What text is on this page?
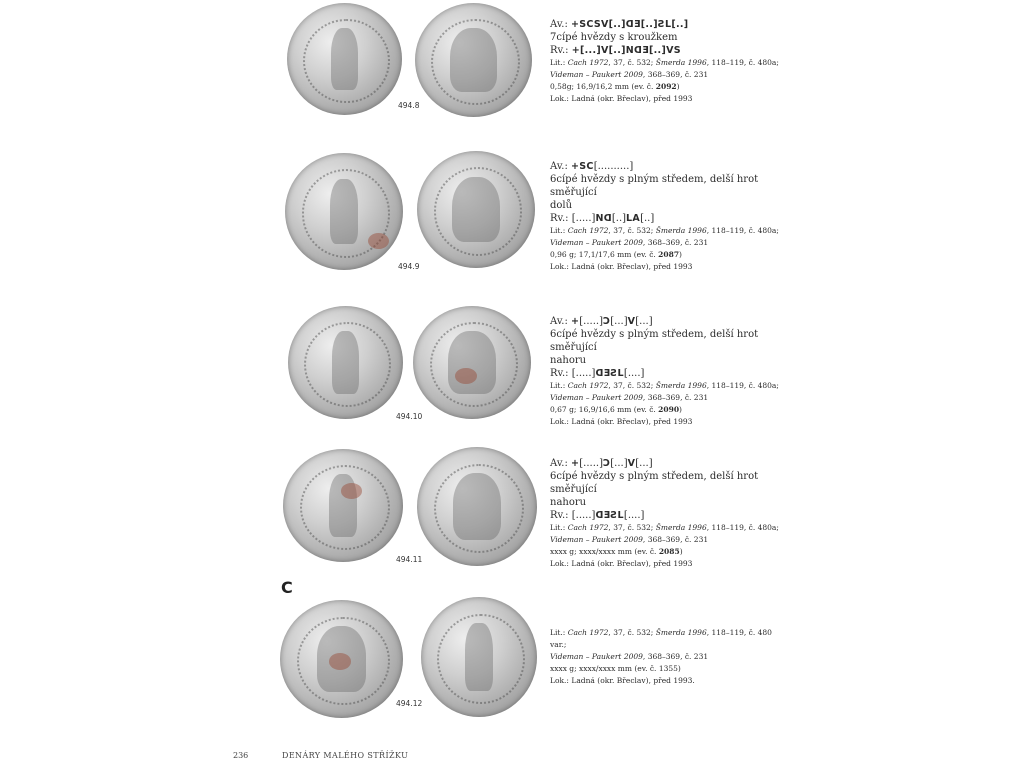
494.8
Av.: +SCSV[..]ᗡƎ[..]ƧL[..]
7cípé hvězdy s kroužkem
Rv.: +[...]V[..]NᗡƎ[..]VS
Lit.: Cach 1972, 37, č. 532; Šmerda 1996, 118–119, č. 480a;
Videman – Paukert 2009, 368–369, č. 231
0,58g; 16,9/16,2 mm (ev. č. 2092)
Lok.: Ladná (okr. Břeclav), před 1993
494.9
Av.: +SC[..........]
6cípé hvězdy s plným středem, delší hrot směřující
dolů
Rv.: [.....]Nᗡ[..]LA[..]
Lit.: Cach 1972, 37, č. 532; Šmerda 1996, 118–119, č. 480a;
Videman – Paukert 2009, 368–369, č. 231
0,96 g; 17,1/17,6 mm (ev. č. 2087)
Lok.: Ladná (okr. Břeclav), před 1993
494.10
Av.: +[.....]Ↄ[...]V[...]
6cípé hvězdy s plným středem, delší hrot směřující
nahoru
Rv.: [.....]ᗡƎƧL[....]
Lit.: Cach 1972, 37, č. 532; Šmerda 1996, 118–119, č. 480a;
Videman – Paukert 2009, 368–369, č. 231
0,67 g; 16,9/16,6 mm (ev. č. 2090)
Lok.: Ladná (okr. Břeclav), před 1993
494.11
Av.: +[.....]Ↄ[...]V[...]
6cípé hvězdy s plným středem, delší hrot směřující
nahoru
Rv.: [.....]ᗡƎƧL[....]
Lit.: Cach 1972, 37, č. 532; Šmerda 1996, 118–119, č. 480a;
Videman – Paukert 2009, 368–369, č. 231
xxxx g; xxxx/xxxx mm (ev. č. 2085)
Lok.: Ladná (okr. Břeclav), před 1993
C
494.12
Lit.: Cach 1972, 37, č. 532; Šmerda 1996, 118–119, č. 480 var.;
Videman – Paukert 2009, 368–369, č. 231
xxxx g; xxxx/xxxx mm (ev. č. 1355)
Lok.: Ladná (okr. Břeclav), před 1993.
236	DENÁRY MALÉHO STŘÍŽKU
